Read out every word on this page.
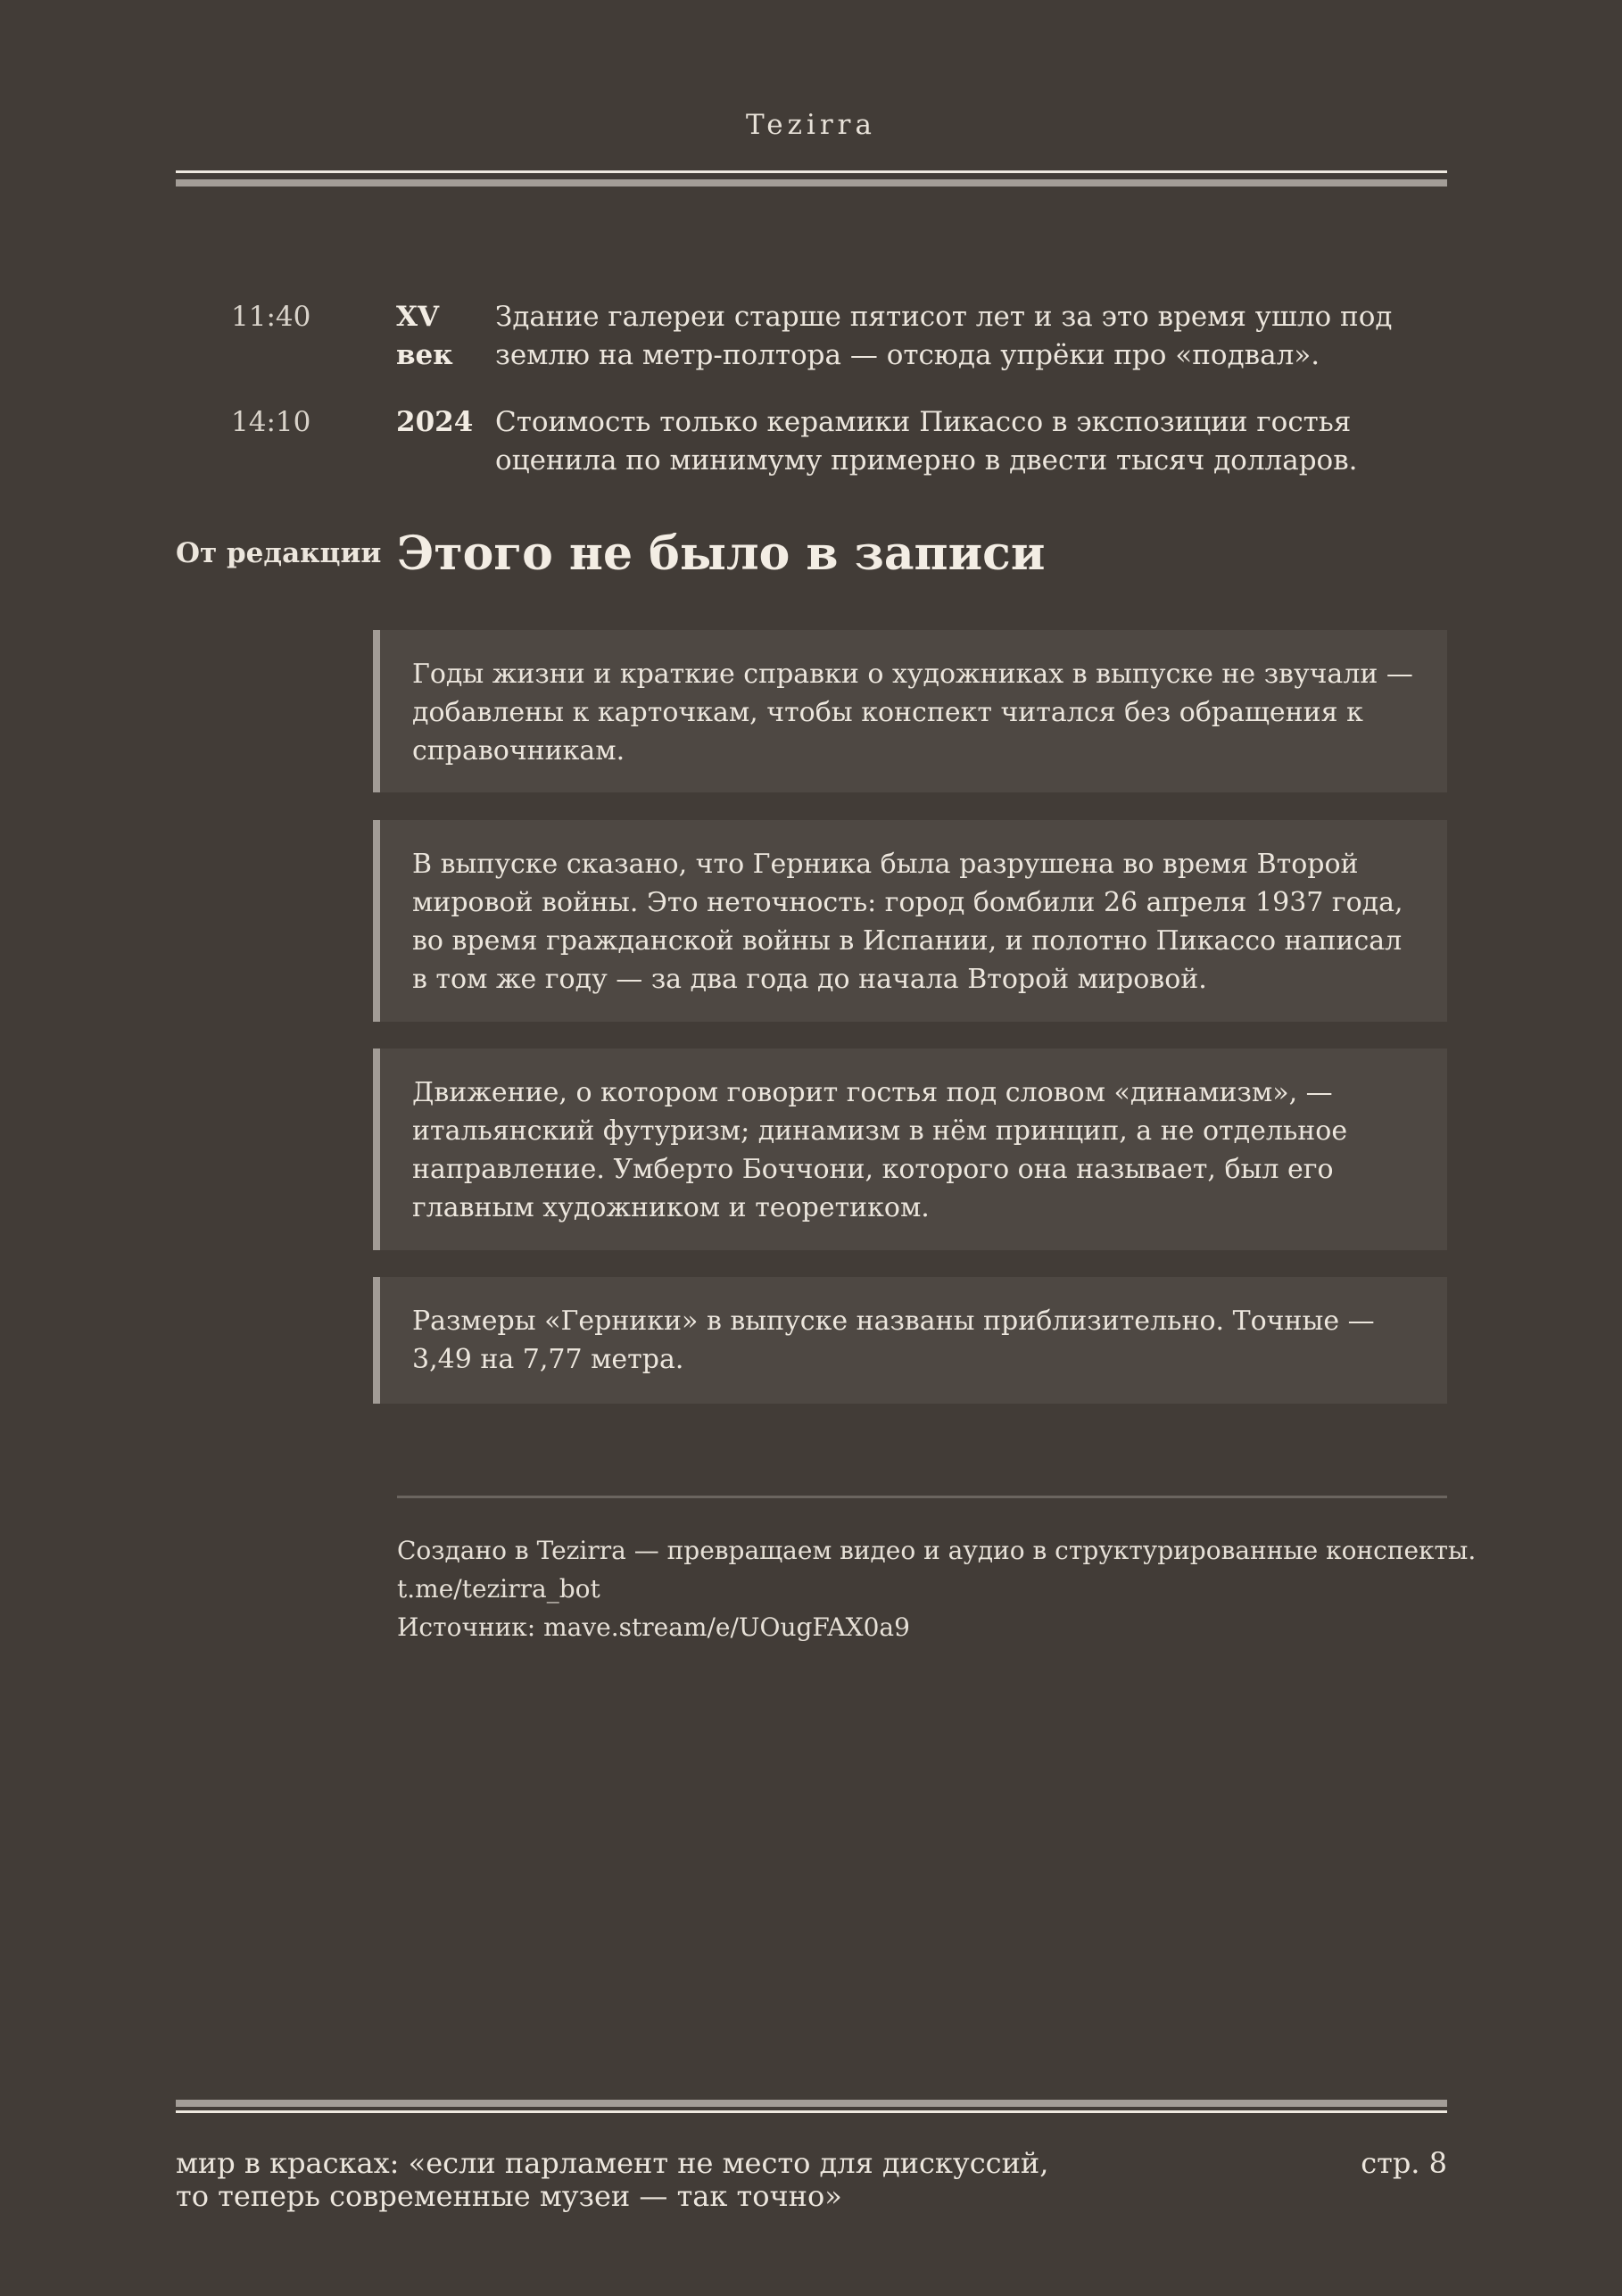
Tezirra
11:40	XV век
Здание галереи старше пятисот лет и за это время ушло под землю на метр-полтора — отсюда упрёки про «подвал».
14:10	2024 Стоимость только керамики Пикассо в экспозиции гостья оценила по минимуму примерно в двести тысяч долларов.
От редакции Этого не было в записи
Годы жизни и краткие справки о художниках в выпуске не звучали — добавлены к карточкам, чтобы конспект читался без обращения к справочникам.
В выпуске сказано, что Герника была разрушена во время Второй мировой войны. Это неточность: город бомбили 26 апреля 1937 года, во время гражданской войны в Испании, и полотно Пикассо написал в том же году — за два года до начала Второй мировой.
Движение, о котором говорит гостья под словом «динамизм», — итальянский футуризм; динамизм в нём принцип, а не отдельное направление. Умберто Боччони, которого она называет, был его главным художником и теоретиком.
Размеры «Герники» в выпуске названы приблизительно. Точные — 3,49 на 7,77 метра.
Создано в Tezirra — превращаем видео и аудио в структурированные конспекты.
t.me/tezirra_bot
Источник: mave.stream/e/UOugFAX0a9
мир в красках: «если парламент не место для дискуссий,
то теперь современные музеи — так точно»
стр. 8
